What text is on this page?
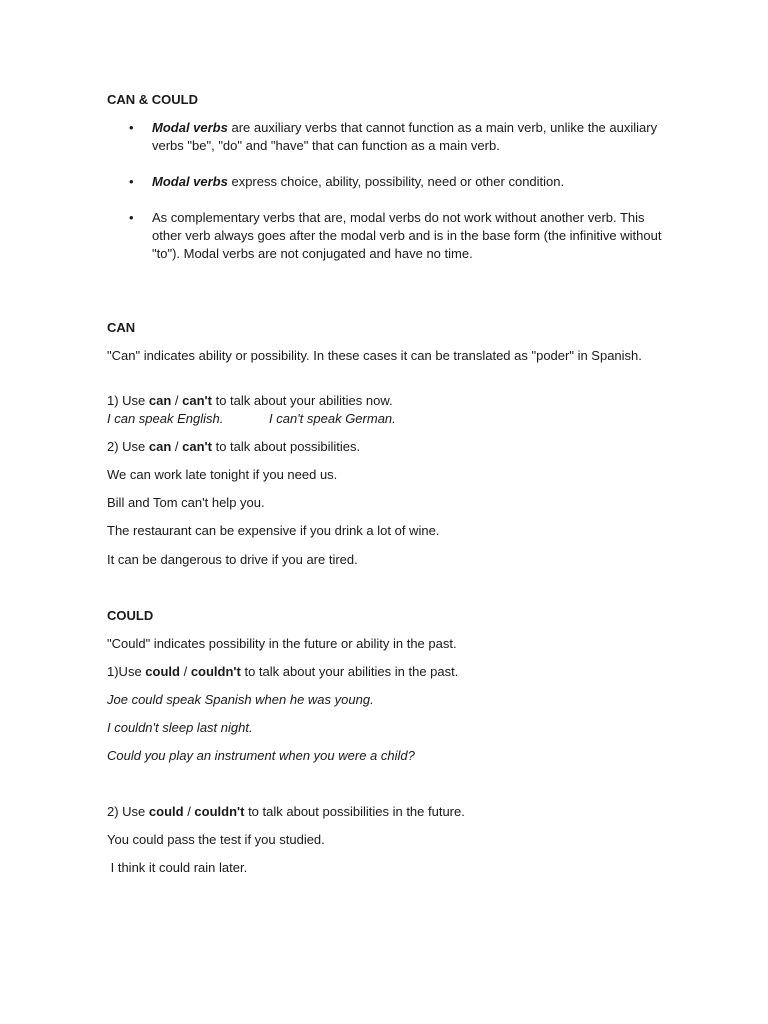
CAN & COULD
• Modal verbs are auxiliary verbs that cannot function as a main verb, unlike the auxiliary verbs "be", "do" and "have" that can function as a main verb.
• Modal verbs express choice, ability, possibility, need or other condition.
• As complementary verbs that are, modal verbs do not work without another verb. This other verb always goes after the modal verb and is in the base form (the infinitive without "to"). Modal verbs are not conjugated and have no time.
CAN

"Can" indicates ability or possibility. In these cases it can be translated as "poder" in Spanish.

1) Use can / can't to talk about your abilities now.

I can speak English.	I can't speak German.

2) Use can / can't to talk about possibilities.

We can work late tonight if you need us.

Bill and Tom can't help you.

The restaurant can be expensive if you drink a lot of wine.

It can be dangerous to drive if you are tired.

COULD

"Could" indicates possibility in the future or ability in the past.

1)Use could / couldn't to talk about your abilities in the past.

Joe could speak Spanish when he was young.

I couldn't sleep last night.

Could you play an instrument when you were a child?

2) Use could / couldn't to talk about possibilities in the future.

You could pass the test if you studied.

I think it could rain later.
